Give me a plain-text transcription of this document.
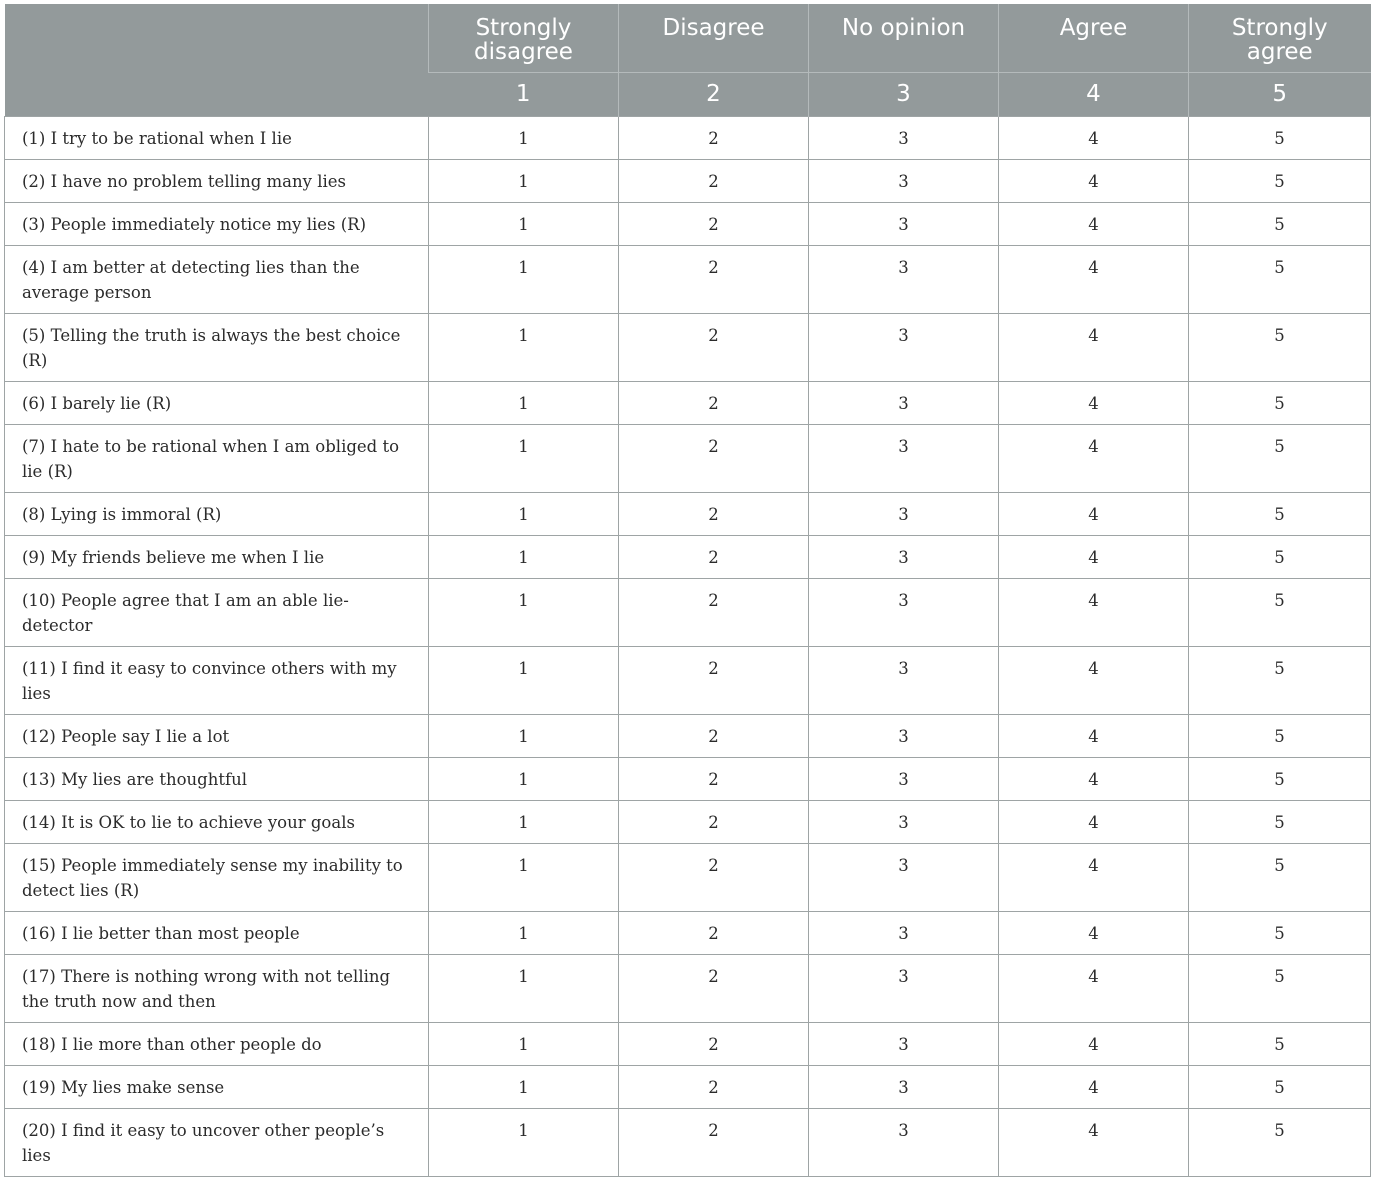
	Strongly disagree	Disagree	No opinion	Agree	Strongly agree
	1	2	3	4	5
(1) I try to be rational when I lie	1	2	3	4	5
(2) I have no problem telling many lies	1	2	3	4	5
(3) People immediately notice my lies (R)	1	2	3	4	5
(4) I am better at detecting lies than the average person	1	2	3	4	5
(5) Telling the truth is always the best choice (R)	1	2	3	4	5
(6) I barely lie (R)	1	2	3	4	5
(7) I hate to be rational when I am obliged to lie (R)	1	2	3	4	5
(8) Lying is immoral (R)	1	2	3	4	5
(9) My friends believe me when I lie	1	2	3	4	5
(10) People agree that I am an able lie- detector	1	2	3	4	5
(11) I find it easy to convince others with my lies	1	2	3	4	5
(12) People say I lie a lot	1	2	3	4	5
(13) My lies are thoughtful	1	2	3	4	5
(14) It is OK to lie to achieve your goals	1	2	3	4	5
(15) People immediately sense my inability to detect lies (R)	1	2	3	4	5
(16) I lie better than most people	1	2	3	4	5
(17) There is nothing wrong with not telling the truth now and then	1	2	3	4	5
(18) I lie more than other people do	1	2	3	4	5
(19) My lies make sense	1	2	3	4	5
(20) I find it easy to uncover other people’s lies	1	2	3	4	5
